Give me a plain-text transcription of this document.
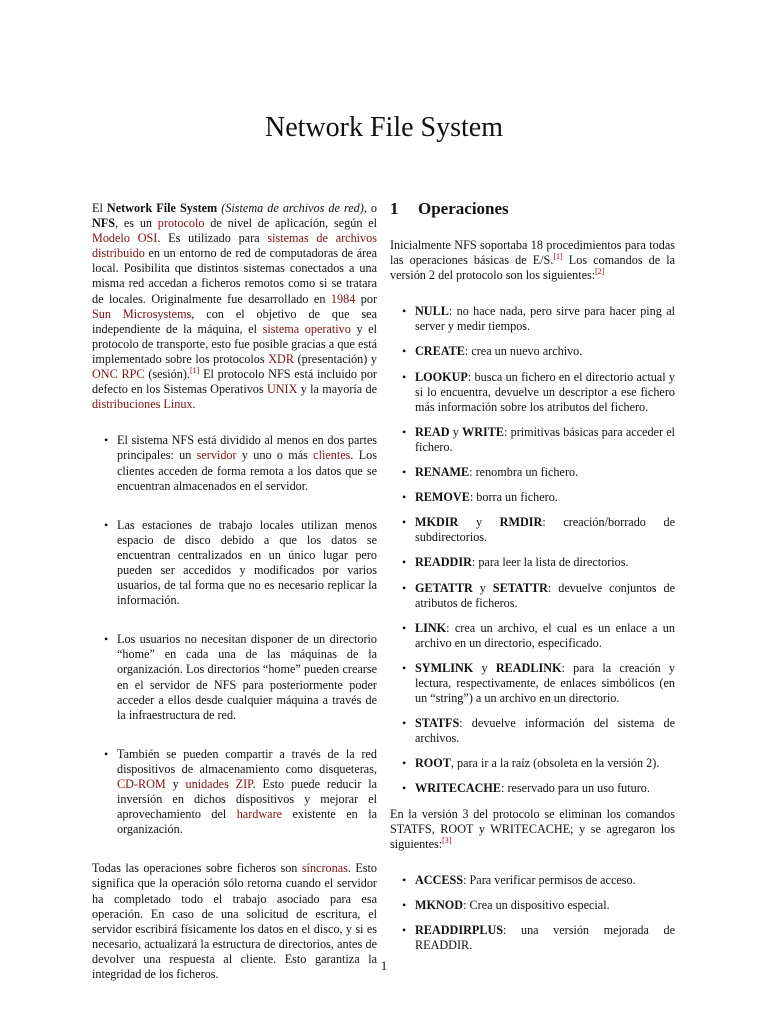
Network File System

El Network File System (Sistema de archivos de red), o NFS, es un protocolo de nivel de aplicación, según el Modelo OSI. Es utilizado para sistemas de archivos distribuido en un entorno de red de computadoras de área local. Posibilita que distintos sistemas conectados a una misma red accedan a ficheros remotos como si se tratara de locales. Originalmente fue desarrollado en 1984 por Sun Microsystems, con el objetivo de que sea independiente de la máquina, el sistema operativo y el protocolo de transporte, esto fue posible gracias a que está implementado sobre los protocolos XDR (presentación) y ONC RPC (sesión).[1] El protocolo NFS está incluido por defecto en los Sistemas Operativos UNIX y la mayoría de distribuciones Linux.

• El sistema NFS está dividido al menos en dos partes principales: un servidor y uno o más clientes. Los clientes acceden de forma remota a los datos que se encuentran almacenados en el servidor.
• Las estaciones de trabajo locales utilizan menos espacio de disco debido a que los datos se encuentran centralizados en un único lugar pero pueden ser accedidos y modificados por varios usuarios, de tal forma que no es necesario replicar la información.
• Los usuarios no necesitan disponer de un directorio “home” en cada una de las máquinas de la organización. Los directorios “home” pueden crearse en el servidor de NFS para posteriormente poder acceder a ellos desde cualquier máquina a través de la infraestructura de red.
• También se pueden compartir a través de la red dispositivos de almacenamiento como disqueteras, CD-ROM y unidades ZIP. Esto puede reducir la inversión en dichos dispositivos y mejorar el aprovechamiento del hardware existente en la organización.

Todas las operaciones sobre ficheros son síncronas. Esto significa que la operación sólo retorna cuando el servidor ha completado todo el trabajo asociado para esa operación. En caso de una solicitud de escritura, el servidor escribirá físicamente los datos en el disco, y si es necesario, actualizará la estructura de directorios, antes de devolver una respuesta al cliente. Esto garantiza la integridad de los ficheros.

1 Operaciones

Inicialmente NFS soportaba 18 procedimientos para todas las operaciones básicas de E/S.[1] Los comandos de la versión 2 del protocolo son los siguientes:[2]

• NULL: no hace nada, pero sirve para hacer ping al server y medir tiempos.
• CREATE: crea un nuevo archivo.
• LOOKUP: busca un fichero en el directorio actual y si lo encuentra, devuelve un descriptor a ese fichero más información sobre los atributos del fichero.
• READ y WRITE: primitivas básicas para acceder el fichero.
• RENAME: renombra un fichero.
• REMOVE: borra un fichero.
• MKDIR y RMDIR: creación/borrado de subdirectorios.
• READDIR: para leer la lista de directorios.
• GETATTR y SETATTR: devuelve conjuntos de atributos de ficheros.
• LINK: crea un archivo, el cual es un enlace a un archivo en un directorio, especificado.
• SYMLINK y READLINK: para la creación y lectura, respectivamente, de enlaces simbólicos (en un “string”) a un archivo en un directorio.
• STATFS: devuelve información del sistema de archivos.
• ROOT, para ir a la raíz (obsoleta en la versión 2).
• WRITECACHE: reservado para un uso futuro.

En la versión 3 del protocolo se eliminan los comandos STATFS, ROOT y WRITECACHE; y se agregaron los siguientes:[3]

• ACCESS: Para verificar permisos de acceso.
• MKNOD: Crea un dispositivo especial.
• READDIRPLUS: una versión mejorada de READDIR.
1
